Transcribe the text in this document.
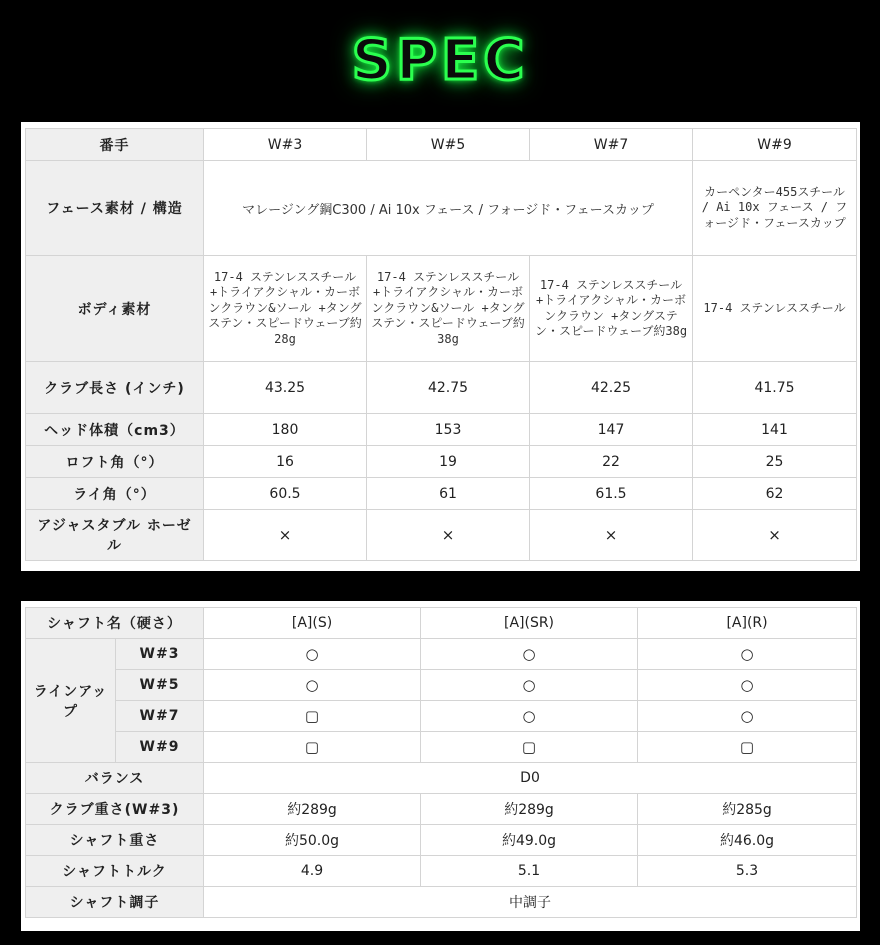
SPEC
番手	W#3	W#5	W#7	W#9
フェース素材 / 構造	マレージング鋼C300 / Ai 10x フェース / フォージド・フェースカップ			カーペンター455スチール / Ai 10x フェース / フォージド・フェースカップ
ボディ素材	17-4 ステンレススチール +トライアクシャル・カーボンクラウン&ソール +タングステン・スピードウェーブ約28g	17-4 ステンレススチール +トライアクシャル・カーボンクラウン&ソール +タングステン・スピードウェーブ約38g	17-4 ステンレススチール +トライアクシャル・カーボンクラウン +タングステン・スピードウェーブ約38g	17-4 ステンレススチール
クラブ長さ (インチ)	43.25	42.75	42.25	41.75
ヘッド体積（cm3）	180	153	147	141
ロフト角（°）	16	19	22	25
ライ角（°）	60.5	61	61.5	62
アジャスタブル ホーゼル	×	×	×	×
シャフト名（硬さ）		[A](S)	[A](SR)	[A](R)
ラインアップ	W#3	○	○	○
	W#5	○	○	○
	W#7	▢	○	○
	W#9	▢	▢	▢
バランス		D0		
クラブ重さ(W#3)		約289g	約289g	約285g
シャフト重さ		約50.0g	約49.0g	約46.0g
シャフトトルク		4.9	5.1	5.3
シャフト調子		中調子		
